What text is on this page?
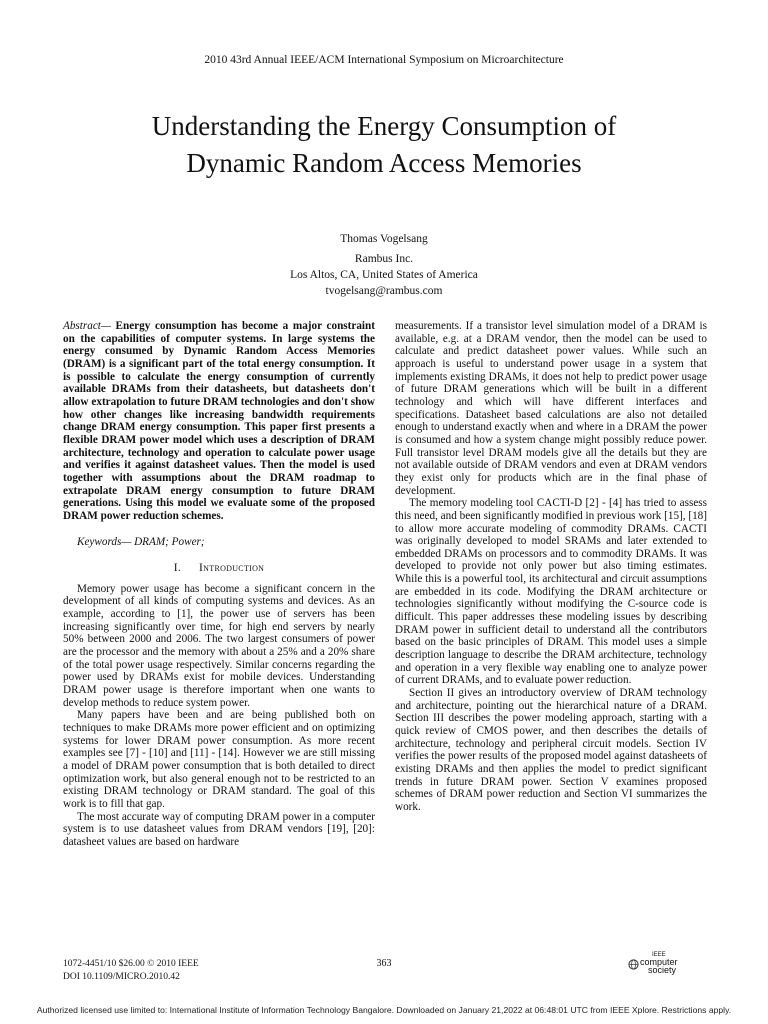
2010 43rd Annual IEEE/ACM International Symposium on Microarchitecture
Understanding the Energy Consumption of
Dynamic Random Access Memories
Thomas Vogelsang
Rambus Inc.
Los Altos, CA, United States of America
tvogelsang@rambus.com

Abstract— Energy consumption has become a major constraint on the capabilities of computer systems. In large systems the energy consumed by Dynamic Random Access Memories (DRAM) is a significant part of the total energy consumption. It is possible to calculate the energy consumption of currently available DRAMs from their datasheets, but datasheets don't allow extrapolation to future DRAM technologies and don't show how other changes like increasing bandwidth requirements change DRAM energy consumption. This paper first presents a flexible DRAM power model which uses a description of DRAM architecture, technology and operation to calculate power usage and verifies it against datasheet values. Then the model is used together with assumptions about the DRAM roadmap to extrapolate DRAM energy consumption to future DRAM generations. Using this model we evaluate some of the proposed DRAM power reduction schemes.

Keywords— DRAM; Power;

I. Introduction

Memory power usage has become a significant concern in the development of all kinds of computing systems and devices. As an example, according to [1], the power use of servers has been increasing significantly over time, for high end servers by nearly 50% between 2000 and 2006. The two largest consumers of power are the processor and the memory with about a 25% and a 20% share of the total power usage respectively. Similar concerns regarding the power used by DRAMs exist for mobile devices. Understanding DRAM power usage is therefore important when one wants to develop methods to reduce system power.

Many papers have been and are being published both on techniques to make DRAMs more power efficient and on optimizing systems for lower DRAM power consumption. As more recent examples see [7] - [10] and [11] - [14]. However we are still missing a model of DRAM power consumption that is both detailed to direct optimization work, but also general enough not to be restricted to an existing DRAM technology or DRAM standard. The goal of this work is to fill that gap.

The most accurate way of computing DRAM power in a computer system is to use datasheet values from DRAM vendors [19], [20]: datasheet values are based on hardware

measurements. If a transistor level simulation model of a DRAM is available, e.g. at a DRAM vendor, then the model can be used to calculate and predict datasheet power values. While such an approach is useful to understand power usage in a system that implements existing DRAMs, it does not help to predict power usage of future DRAM generations which will be built in a different technology and which will have different interfaces and specifications. Datasheet based calculations are also not detailed enough to understand exactly when and where in a DRAM the power is consumed and how a system change might possibly reduce power. Full transistor level DRAM models give all the details but they are not available outside of DRAM vendors and even at DRAM vendors they exist only for products which are in the final phase of development.

The memory modeling tool CACTI-D [2] - [4] has tried to assess this need, and been significantly modified in previous work [15], [18] to allow more accurate modeling of commodity DRAMs. CACTI was originally developed to model SRAMs and later extended to embedded DRAMs on processors and to commodity DRAMs. It was developed to provide not only power but also timing estimates. While this is a powerful tool, its architectural and circuit assumptions are embedded in its code. Modifying the DRAM architecture or technologies significantly without modifying the C-source code is difficult. This paper addresses these modeling issues by describing DRAM power in sufficient detail to understand all the contributors based on the basic principles of DRAM. This model uses a simple description language to describe the DRAM architecture, technology and operation in a very flexible way enabling one to analyze power of current DRAMs, and to evaluate power reduction.

Section II gives an introductory overview of DRAM technology and architecture, pointing out the hierarchical nature of a DRAM. Section III describes the power modeling approach, starting with a quick review of CMOS power, and then describes the details of architecture, technology and peripheral circuit models. Section IV verifies the power results of the proposed model against datasheets of existing DRAMs and then applies the model to predict significant trends in future DRAM power. Section V examines proposed schemes of DRAM power reduction and Section VI summarizes the work.

1072-4451/10 $26.00 © 2010 IEEE
DOI 10.1109/MICRO.2010.42
363
IEEE
computer
society
Authorized licensed use limited to: International Institute of Information Technology Bangalore. Downloaded on January 21,2022 at 06:48:01 UTC from IEEE Xplore. Restrictions apply.
